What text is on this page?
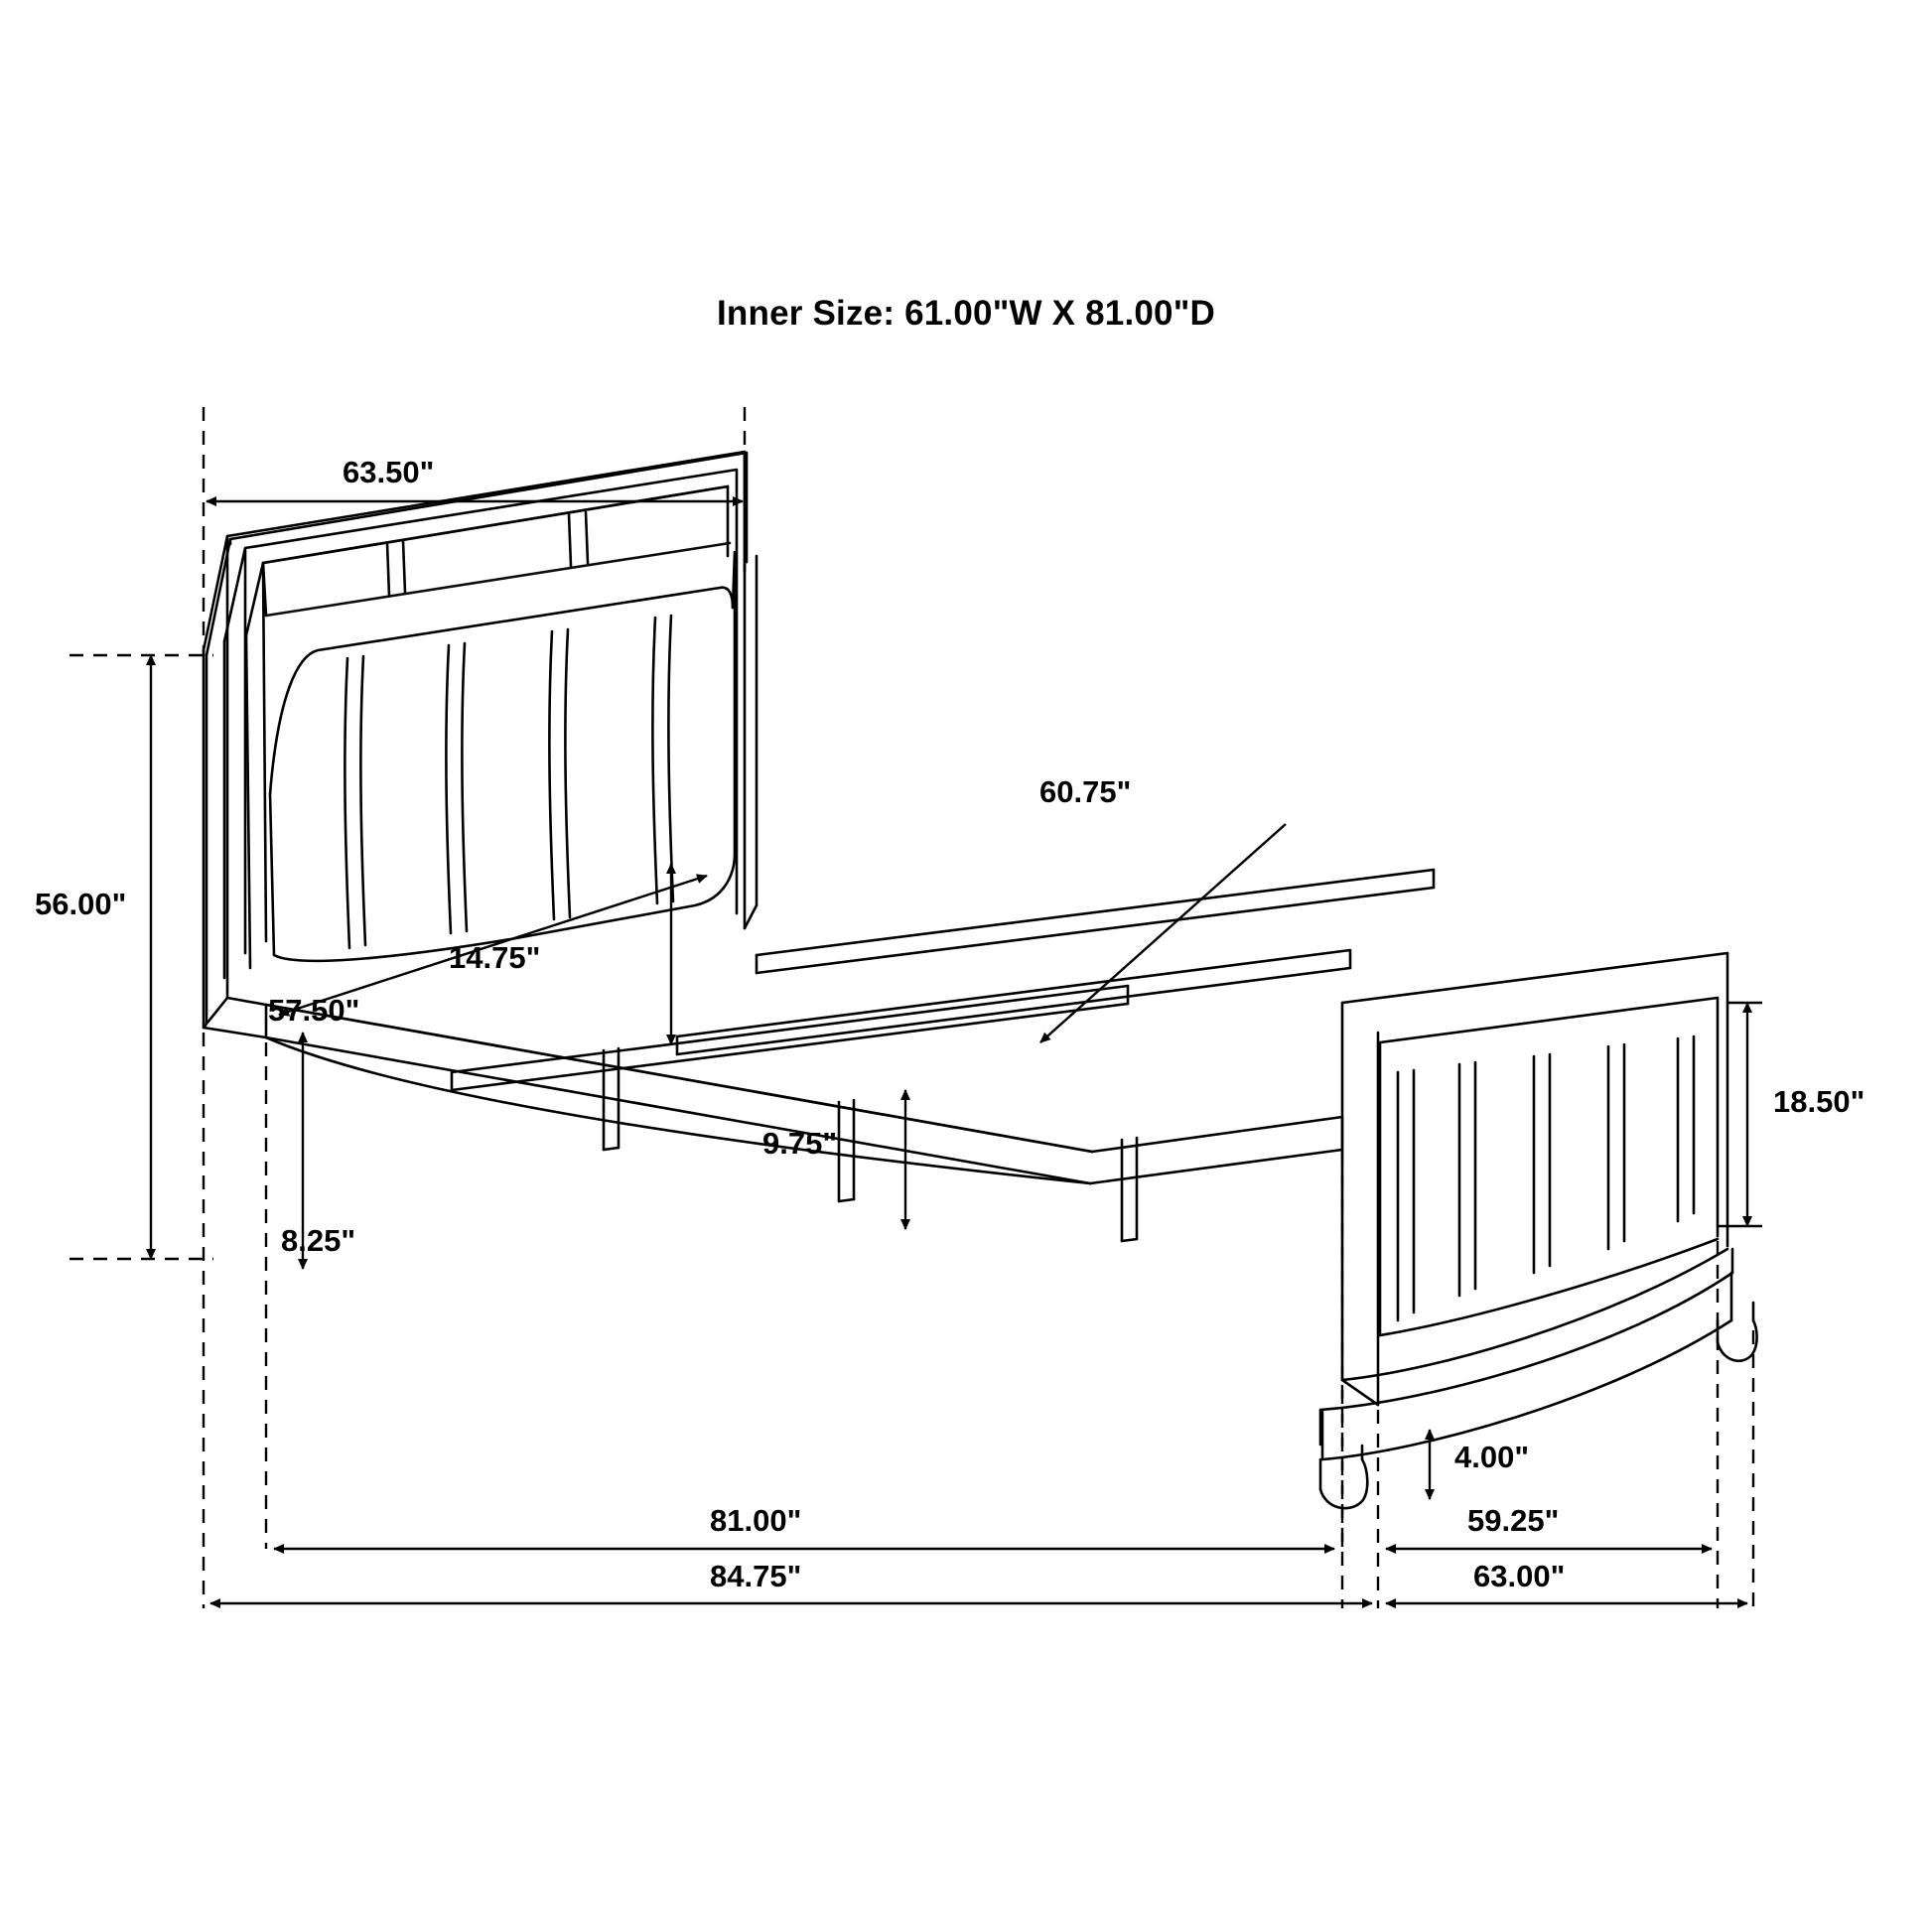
Inner Size: 61.00"W X 81.00"D
63.50"
56.00"
14.75"
57.50"
60.75"
9.75"
8.25"
18.50"
4.00"
81.00"
84.75"
59.25"
63.00"
